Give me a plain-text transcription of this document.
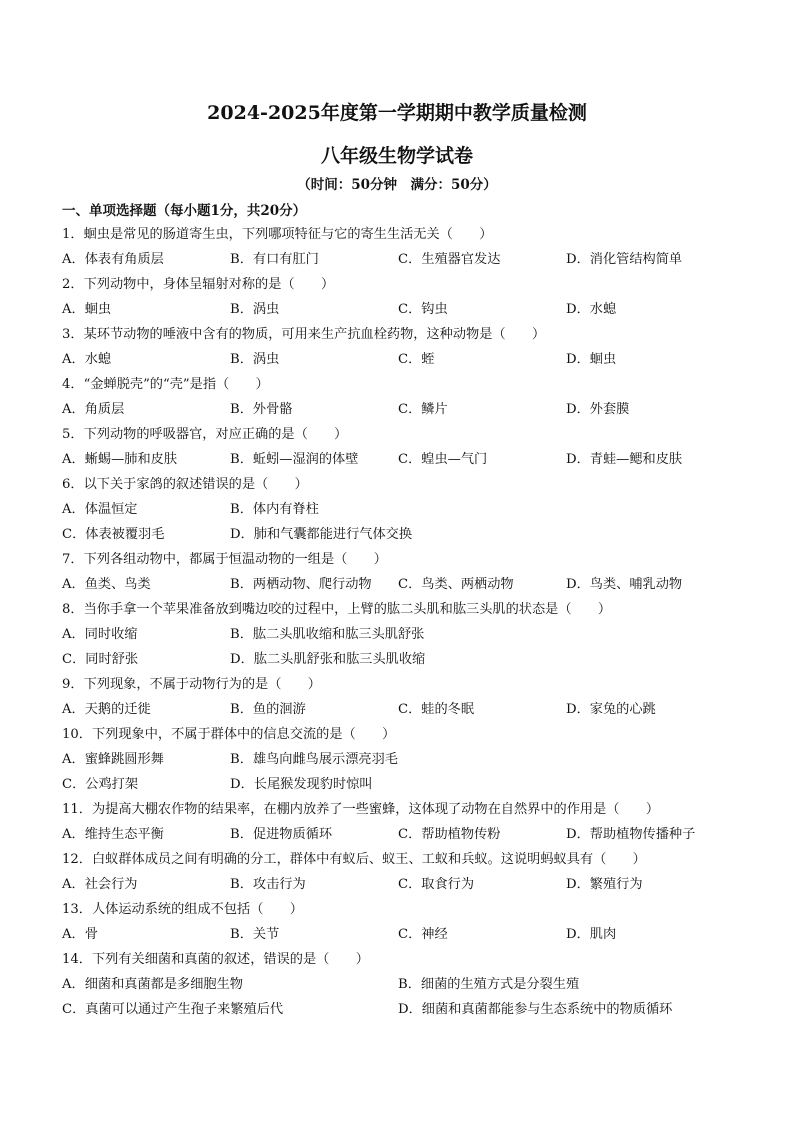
2024-2025年度第一学期期中教学质量检测
八年级生物学试卷

（时间：50分钟　满分：50分）

一、单项选择题（每小题1分，共20分）

1．蛔虫是常见的肠道寄生虫，下列哪项特征与它的寄生生活无关（　　）
A．体表有角质层	B．有口有肛门	C．生殖器官发达	D．消化管结构简单
2．下列动物中，身体呈辐射对称的是（　　）
A．蛔虫	B．涡虫	C．钩虫	D．水螅
3．某环节动物的唾液中含有的物质，可用来生产抗血栓药物，这种动物是（　　）
A．水螅	B．涡虫	C．蛭	D．蛔虫
4．“金蝉脱壳”的“壳”是指（　　）
A．角质层	B．外骨骼	C．鳞片	D．外套膜
5．下列动物的呼吸器官，对应正确的是（　　）
A．蜥蜴—肺和皮肤	B．蚯蚓—湿润的体壁	C．蝗虫—气门	D．青蛙—鳃和皮肤
6．以下关于家鸽的叙述错误的是（　　）
A．体温恒定	B．体内有脊柱
C．体表被覆羽毛	D．肺和气囊都能进行气体交换
7．下列各组动物中，都属于恒温动物的一组是（　　）
A．鱼类、鸟类	B．两栖动物、爬行动物 C．鸟类、两栖动物	D．鸟类、哺乳动物
8．当你手拿一个苹果准备放到嘴边咬的过程中，上臂的肱二头肌和肱三头肌的状态是（　　）
A．同时收缩	B．肱二头肌收缩和肱三头肌舒张
C．同时舒张	D．肱二头肌舒张和肱三头肌收缩
9．下列现象，不属于动物行为的是（　　）
A．天鹅的迁徙	B．鱼的洄游	C．蛙的冬眠	D．家兔的心跳
10．下列现象中，不属于群体中的信息交流的是（　　）
A．蜜蜂跳圆形舞	B．雄鸟向雌鸟展示漂亮羽毛
C．公鸡打架	D．长尾猴发现豹时惊叫
11．为提高大棚农作物的结果率，在棚内放养了一些蜜蜂，这体现了动物在自然界中的作用是（　　）
A．维持生态平衡	B．促进物质循环	C．帮助植物传粉	D．帮助植物传播种子
12．白蚁群体成员之间有明确的分工，群体中有蚁后、蚁王、工蚁和兵蚁。这说明蚂蚁具有（　　）
A．社会行为	B．攻击行为	C．取食行为	D．繁殖行为
13．人体运动系统的组成不包括（　　）
A．骨	B．关节	C．神经	D．肌肉
14．下列有关细菌和真菌的叙述，错误的是（　　）
A．细菌和真菌都是多细胞生物	B．细菌的生殖方式是分裂生殖
C．真菌可以通过产生孢子来繁殖后代	D．细菌和真菌都能参与生态系统中的物质循环
